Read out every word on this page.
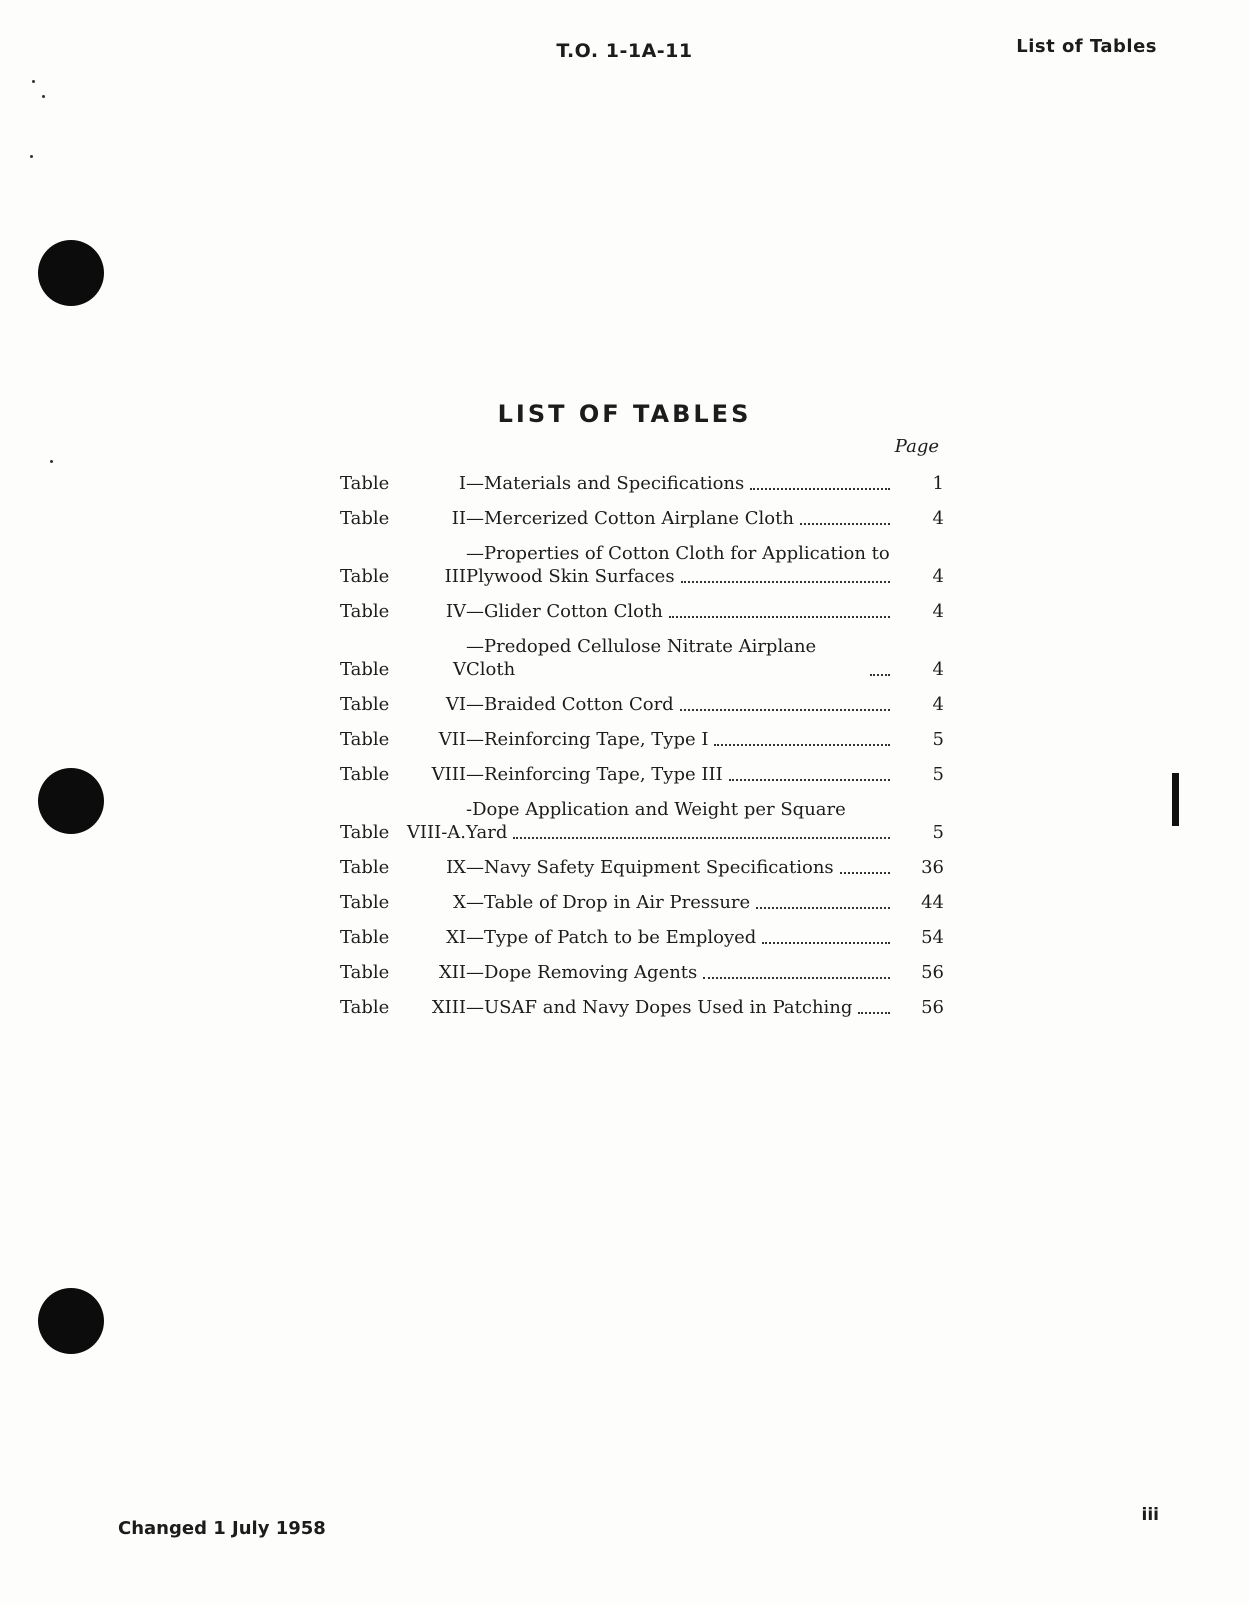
T.O. 1-1A-11	List of Tables
LIST OF TABLES
Page
Table	I —Materials and Specifications	1
Table	II —Mercerized Cotton Airplane Cloth	4
Table	III
—Properties of Cotton Cloth for Application to
Plywood Skin Surfaces	4
Table	IV —Glider Cotton Cloth	4
Table	V
—Predoped Cellulose Nitrate Airplane Cloth	4
Table	VI —Braided Cotton Cord	4
Table	VII —Reinforcing Tape, Type I	5
Table	VIII —Reinforcing Tape, Type III	5
Table VIII-A.
-Dope Application and Weight per Square
Yard	5
Table	IX —Navy Safety Equipment Specifications	36
Table	X —Table of Drop in Air Pressure	44
Table	XI —Type of Patch to be Employed	54
Table	XII —Dope Removing Agents	56
Table	XIII —USAF and Navy Dopes Used in Patching	56
Changed 1 July 1958
iii
